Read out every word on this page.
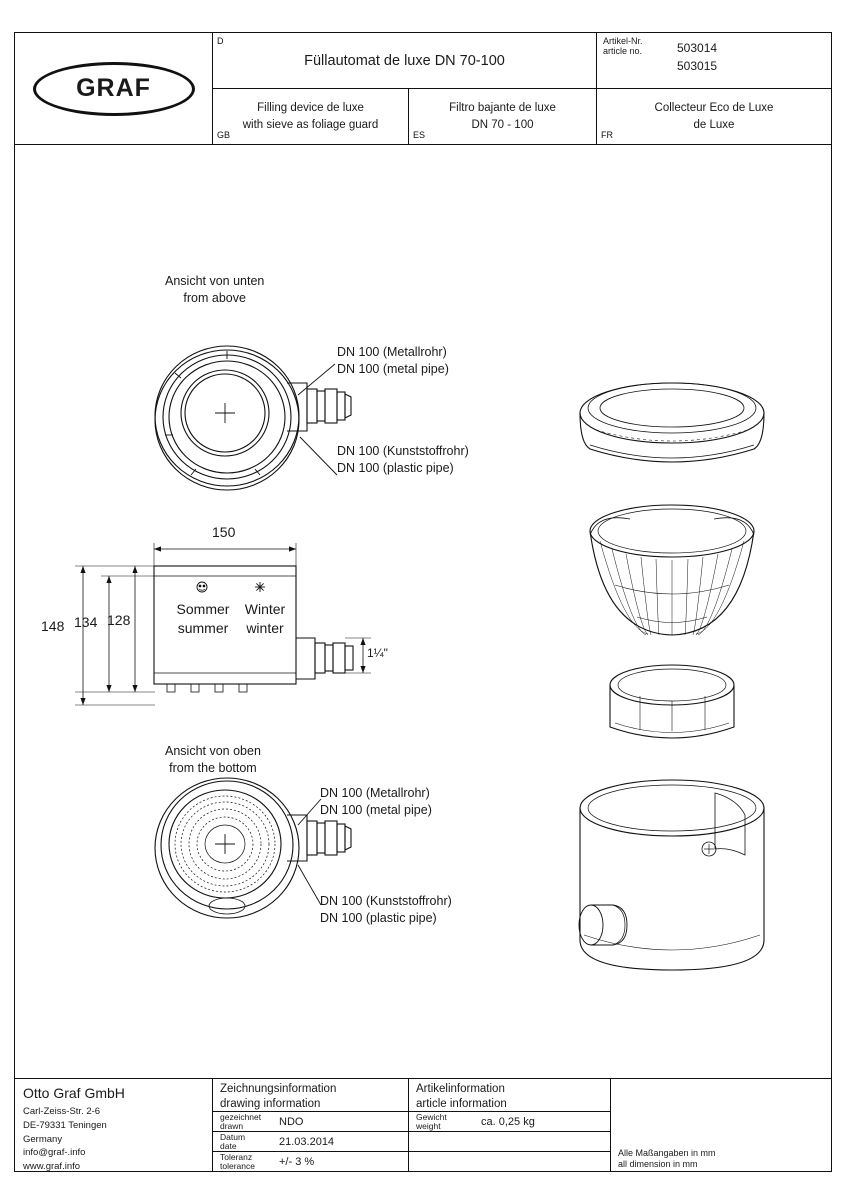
GRAF
D
Füllautomat de luxe DN 70-100
Artikel-Nr.
article no.	503014
503015
GB
Filling device de luxe
with sieve as foliage guard
ES
Filtro bajante de luxe
DN 70 - 100
FR
Collecteur Eco de Luxe
de Luxe
Ansicht von unten
from above
DN 100 (Metallrohr)
DN 100 (metal pipe)
DN 100 (Kunststoffrohr)
DN 100 (plastic pipe)
150
148 134 128
1¼"
Sommer
summer
Winter
winter
Ansicht von oben
from the bottom
DN 100 (Metallrohr)
DN 100 (metal pipe)
DN 100 (Kunststoffrohr)
DN 100 (plastic pipe)
Otto Graf GmbH
Carl-Zeiss-Str. 2-6
DE-79331 Teningen
Germany
info@graf-.info
www.graf.info
Zeichnungsinformation
drawing information
gezeichnet
drawn	NDO
Datum
date	21.03.2014
Toleranz
tolerance	+/- 3 %
Artikelinformation
article information
Gewicht
weight	ca. 0,25 kg
Alle Maßangaben in mm
all dimension in mm
